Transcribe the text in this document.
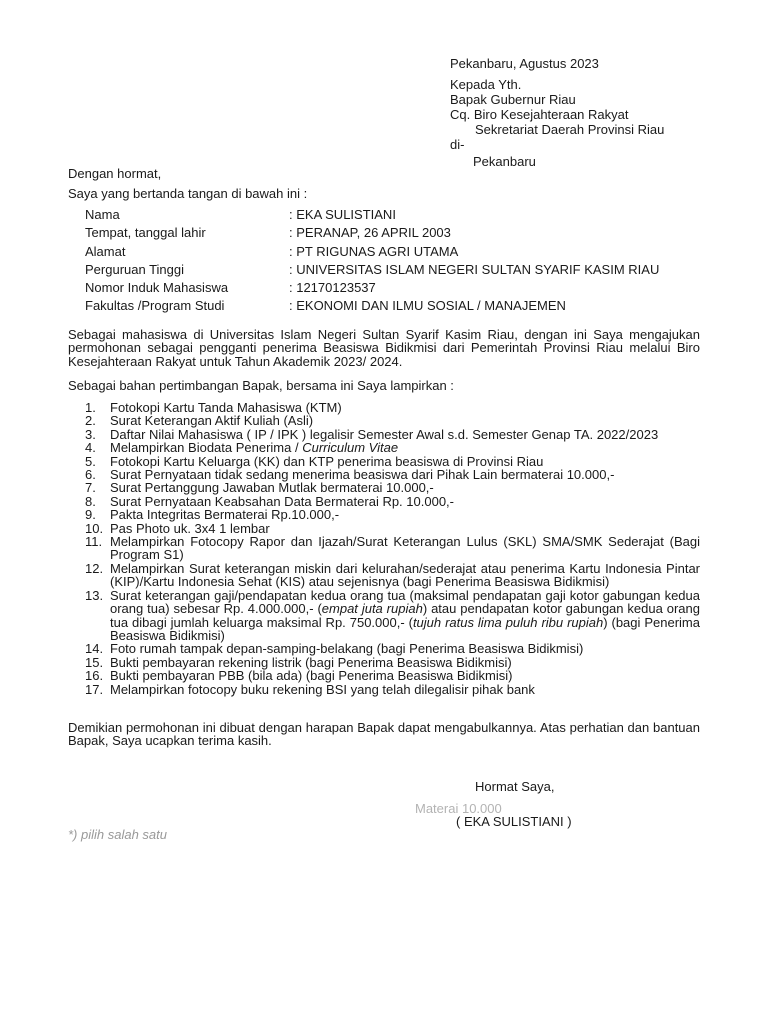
Pekanbaru, Agustus 2023
Kepada Yth.
Bapak Gubernur Riau
Cq. Biro Kesejahteraan Rakyat
Sekretariat Daerah Provinsi Riau
di-
Pekanbaru
Dengan hormat,
Saya yang bertanda tangan di bawah ini :
Nama	: EKA SULISTIANI
Tempat, tanggal lahir	: PERANAP, 26 APRIL 2003
Alamat	: PT RIGUNAS AGRI UTAMA
Perguruan Tinggi	: UNIVERSITAS ISLAM NEGERI SULTAN SYARIF KASIM RIAU
Nomor Induk Mahasiswa	: 12170123537
Fakultas /Program Studi	: EKONOMI DAN ILMU SOSIAL / MANAJEMEN
Sebagai mahasiswa di Universitas Islam Negeri Sultan Syarif Kasim Riau, dengan ini Saya mengajukan permohonan sebagai pengganti penerima Beasiswa Bidikmisi dari Pemerintah Provinsi Riau melalui Biro Kesejahteraan Rakyat untuk Tahun Akademik 2023/ 2024.
Sebagai bahan pertimbangan Bapak, bersama ini Saya lampirkan :
1.	Fotokopi Kartu Tanda Mahasiswa (KTM)
2.	Surat Keterangan Aktif Kuliah (Asli)
3.	Daftar Nilai Mahasiswa ( IP / IPK ) legalisir Semester Awal s.d. Semester Genap TA. 2022/2023
4.	Melampirkan Biodata Penerima / Curriculum Vitae
5.	Fotokopi Kartu Keluarga (KK) dan KTP penerima beasiswa di Provinsi Riau
6.	Surat Pernyataan tidak sedang menerima beasiswa dari Pihak Lain bermaterai 10.000,-
7.	Surat Pertanggung Jawaban Mutlak bermaterai 10.000,-
8.	Surat Pernyataan Keabsahan Data Bermaterai Rp. 10.000,-
9.	Pakta Integritas Bermaterai Rp.10.000,-
10. Pas Photo uk. 3x4 1 lembar
11. Melampirkan Fotocopy Rapor dan Ijazah/Surat Keterangan Lulus (SKL) SMA/SMK Sederajat (Bagi Program S1)
12. Melampirkan Surat keterangan miskin dari kelurahan/sederajat atau penerima Kartu Indonesia Pintar (KIP)/Kartu Indonesia Sehat (KIS) atau sejenisnya (bagi Penerima Beasiswa Bidikmisi)
13. Surat keterangan gaji/pendapatan kedua orang tua (maksimal pendapatan gaji kotor gabungan kedua orang tua) sebesar Rp. 4.000.000,- (empat juta rupiah) atau pendapatan kotor gabungan kedua orang tua dibagi jumlah keluarga maksimal Rp. 750.000,- (tujuh ratus lima puluh ribu rupiah) (bagi Penerima Beasiswa Bidikmisi)
14. Foto rumah tampak depan-samping-belakang (bagi Penerima Beasiswa Bidikmisi)
15. Bukti pembayaran rekening listrik (bagi Penerima Beasiswa Bidikmisi)
16. Bukti pembayaran PBB (bila ada) (bagi Penerima Beasiswa Bidikmisi)
17. Melampirkan fotocopy buku rekening BSI yang telah dilegalisir pihak bank
Demikian permohonan ini dibuat dengan harapan Bapak dapat mengabulkannya. Atas perhatian dan bantuan Bapak, Saya ucapkan terima kasih.
Hormat Saya,
Materai 10.000
( EKA SULISTIANI )
*) pilih salah satu
